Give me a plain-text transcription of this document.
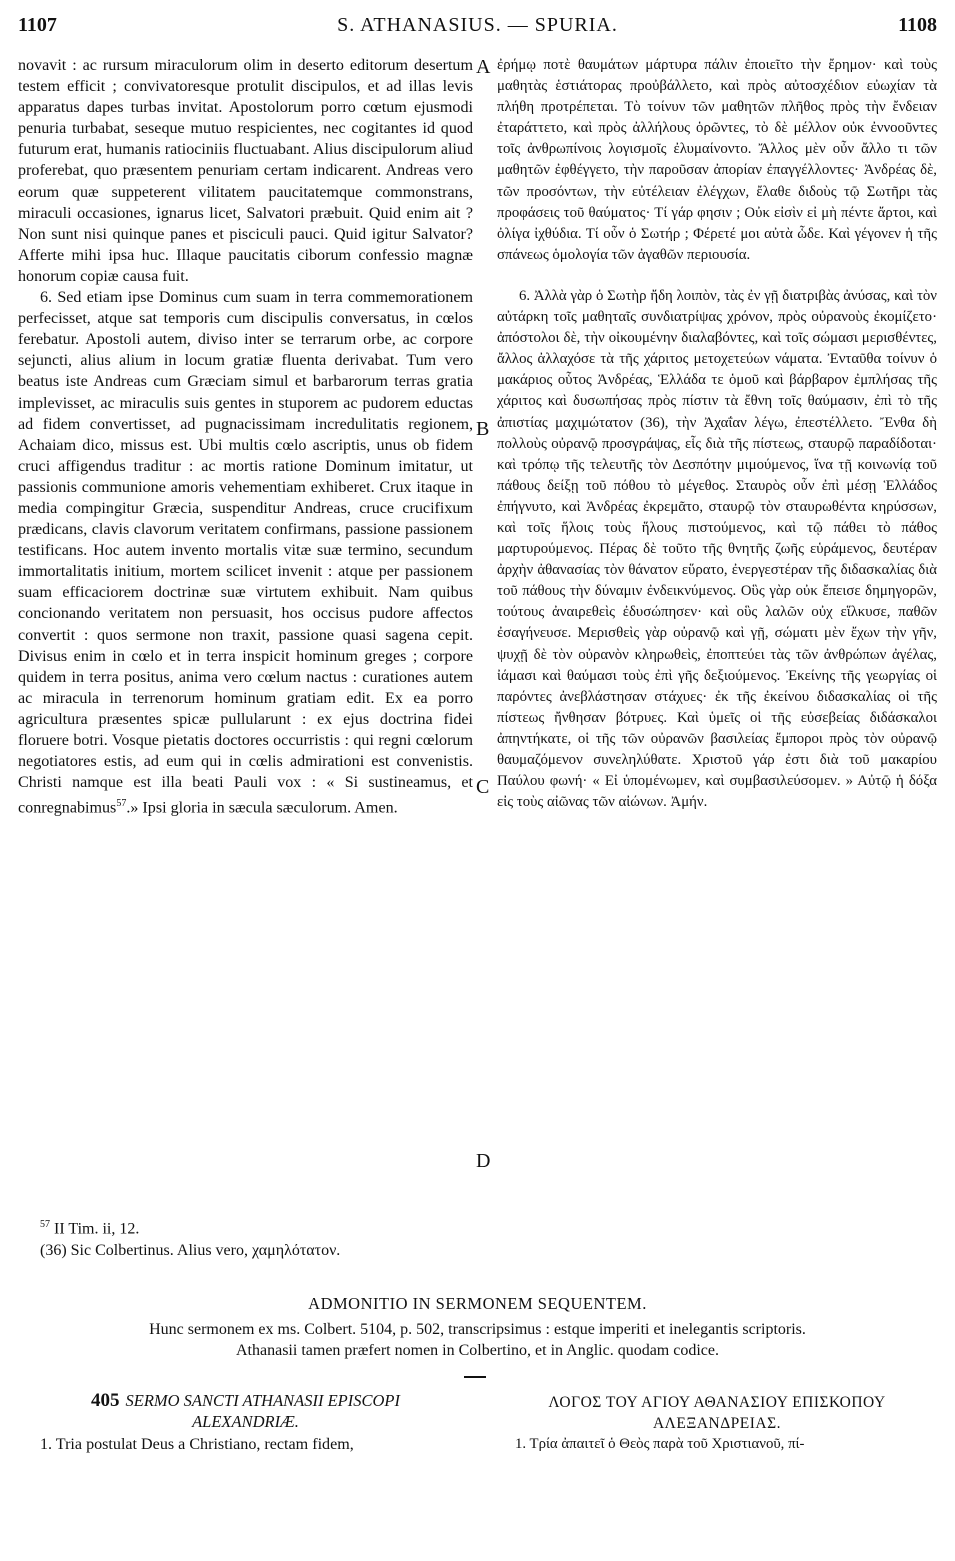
1107	S. ATHANASIUS. — SPURIA.	1108

novavit : ac rursum miraculorum olim in deserto editorum desertum testem efficit ; convivatoresque protulit discipulos, et ad illas levis apparatus dapes turbas invitat. Apostolorum porro cœtum ejusmodi penuria turbabat, seseque mutuo respicientes, nec cogitantes id quod futurum erat, humanis ratiociniis fluctuabant. Alius discipulorum aliud proferebat, quo præsentem penuriam certam indicarent. Andreas vero eorum quæ suppeterent vilitatem paucitatemque commonstrans, miraculi occasiones, ignarus licet, Salvatori præbuit. Quid enim ait ? Non sunt nisi quinque panes et pisciculi pauci. Quid igitur Salvator? Afferte mihi ipsa huc. Illaque paucitatis ciborum confessio magnæ honorum copiæ causa fuit.

6. Sed etiam ipse Dominus cum suam in terra commemorationem perfecisset, atque sat temporis cum discipulis conversatus, in cœlos ferebatur. Apostoli autem, diviso inter se terrarum orbe, ac corpore sejuncti, alius alium in locum gratiæ fluenta derivabat. Tum vero beatus iste Andreas cum Græciam simul et barbarorum terras gratia implevisset, ac miraculis suis gentes in stuporem ac pudorem eductas ad fidem convertisset, ad pugnacissimam incredulitatis regionem, Achaiam dico, missus est. Ubi multis cœlo ascriptis, unus ob fidem cruci affigendus traditur : ac mortis ratione Dominum imitatur, ut passionis communione amoris vehementiam exhiberet. Crux itaque in media compingitur Græcia, suspenditur Andreas, cruce crucifixum prædicans, clavis clavorum veritatem confirmans, passione passionem testificans. Hoc autem invento mortalis vitæ suæ termino, secundum immortalitatis initium, mortem scilicet invenit : atque per passionem suam efficaciorem doctrinæ suæ virtutem exhibuit. Nam quibus concionando veritatem non persuasit, hos occisus pudore affectos convertit : quos sermone non traxit, passione quasi sagena cepit. Divisus enim in cœlo et in terra inspicit hominum greges ; corpore quidem in terra positus, anima vero cœlum nactus : curationes autem ac miracula in terrenorum hominum gratiam edit. Ex ea porro agricultura præsentes spicæ pullularunt : ex ejus doctrina fidei floruere botri. Vosque pietatis doctores occurristis : qui regni cœlorum negotiatores estis, ad eum qui in cœlis admirationi est convenistis. Christi namque est illa beati Pauli vox : « Si sustineamus, et conregnabimus$^{57}$.» Ipsi gloria in sæcula sæculorum. Amen.

A
B
C
D

ἐρήμῳ ποτὲ θαυμάτων μάρτυρα πάλιν ἐποιεῖτο τὴν ἔρημον· καὶ τοὺς μαθητὰς ἑστιάτορας προὐβάλλετο, καὶ πρὸς αὐτοσχέδιον εὐωχίαν τὰ πλήθη προτρέπεται. Τὸ τοίνυν τῶν μαθητῶν πλῆθος πρὸς τὴν ἔνδειαν ἐταράττετο, καὶ πρὸς ἀλλήλους ὁρῶντες, τὸ δὲ μέλλον οὐκ ἐννοοῦντες τοῖς ἀνθρωπίνοις λογισμοῖς ἐλυμαίνοντο. Ἄλλος μὲν οὖν ἄλλο τι τῶν μαθητῶν ἐφθέγγετο, τὴν παροῦσαν ἀπορίαν ἐπαγγέλλοντες· Ἀνδρέας δὲ, τῶν προσόντων, τὴν εὐτέλειαν ἐλέγχων, ἔλαθε διδοὺς τῷ Σωτῆρι τὰς προφάσεις τοῦ θαύματος· Τί γάρ φησιν ; Οὐκ εἰσὶν εἰ μὴ πέντε ἄρτοι, καὶ ὀλίγα ἰχθύδια. Τί οὖν ὁ Σωτήρ ; Φέρετέ μοι αὐτὰ ὧδε. Καὶ γέγονεν ἡ τῆς σπάνεως ὁμολογία τῶν ἀγαθῶν περιουσία.

6. Ἀλλὰ γὰρ ὁ Σωτὴρ ἤδη λοιπὸν, τὰς ἐν γῇ διατριβὰς ἀνύσας, καὶ τὸν αὐτάρκη τοῖς μαθηταῖς συνδιατρίψας χρόνον, πρὸς οὐρανοὺς ἐκομίζετο· ἀπόστολοι δὲ, τὴν οἰκουμένην διαλαβόντες, καὶ τοῖς σώμασι μερισθέντες, ἄλλος ἀλλαχόσε τὰ τῆς χάριτος μετοχετεύων νάματα. Ἐνταῦθα τοίνυν ὁ μακάριος οὗτος Ἀνδρέας, Ἑλλάδα τε ὁμοῦ καὶ βάρβαρον ἐμπλήσας τῆς χάριτος καὶ δυσωπήσας πρὸς πίστιν τὰ ἔθνη τοῖς θαύμασιν, ἐπὶ τὸ τῆς ἀπιστίας μαχιμώτατον (36), τὴν Ἀχαΐαν λέγω, ἐπεστέλλετο. Ἔνθα δὴ πολλοὺς οὐρανῷ προσγράψας, εἷς διὰ τῆς πίστεως, σταυρῷ παραδίδοται· καὶ τρόπῳ τῆς τελευτῆς τὸν Δεσπότην μιμούμενος, ἵνα τῇ κοινωνίᾳ τοῦ πάθους δείξῃ τοῦ πόθου τὸ μέγεθος. Σταυρὸς οὖν ἐπὶ μέσῃ Ἑλλάδος ἐπήγνυτο, καὶ Ἀνδρέας ἐκρεμᾶτο, σταυρῷ τὸν σταυρωθέντα κηρύσσων, καὶ τοῖς ἥλοις τοὺς ἥλους πιστούμενος, καὶ τῷ πάθει τὸ πάθος μαρτυρούμενος. Πέρας δὲ τοῦτο τῆς θνητῆς ζωῆς εὑράμενος, δευτέραν ἀρχὴν ἀθανασίας τὸν θάνατον εὕρατο, ἐνεργεστέραν τῆς διδασκαλίας διὰ τοῦ πάθους τὴν δύναμιν ἐνδεικνύμενος. Οὓς γὰρ οὐκ ἔπεισε δημηγορῶν, τούτους ἀναιρεθεὶς ἐδυσώπησεν· καὶ οὓς λαλῶν οὐχ εἵλκυσε, παθῶν ἐσαγήνευσε. Μερισθεὶς γὰρ οὐρανῷ καὶ γῇ, σώματι μὲν ἔχων τὴν γῆν, ψυχῇ δὲ τὸν οὐρανὸν κληρωθεὶς, ἐποπτεύει τὰς τῶν ἀνθρώπων ἀγέλας, ἰάμασι καὶ θαύμασι τοὺς ἐπὶ γῆς δεξιούμενος. Ἐκείνης τῆς γεωργίας οἱ παρόντες ἀνεβλάστησαν στάχυες· ἐκ τῆς ἐκείνου διδασκαλίας οἱ τῆς πίστεως ἤνθησαν βότρυες. Καὶ ὑμεῖς οἱ τῆς εὐσεβείας διδάσκαλοι ἀπηντήκατε, οἱ τῆς τῶν οὐρανῶν βασιλείας ἔμποροι πρὸς τὸν οὐρανῷ θαυμαζόμενον συνεληλύθατε. Χριστοῦ γάρ ἐστι διὰ τοῦ μακαρίου Παύλου φωνή· « Εἰ ὑπομένωμεν, καὶ συμβασιλεύσομεν. » Αὐτῷ ἡ δόξα εἰς τοὺς αἰῶνας τῶν αἰώνων. Ἀμήν.

$^{57}$ II Tim. ii, 12.
(36) Sic Colbertinus. Alius vero, χαμηλότατον.
ADMONITIO IN SERMONEM SEQUENTEM.
Hunc sermonem ex ms. Colbert. 5104, p. 502, transcripsimus : estque imperiti et inelegantis scriptoris.
Athanasii tamen præfert nomen in Colbertino, et in Anglic. quodam codice.
405 SERMO SANCTI ATHANASII EPISCOPI
ALEXANDRIÆ.
ΛΟΓΟΣ ΤΟΥ ΑΓΙΟΥ ΑΘΑΝΑΣΙΟΥ ΕΠΙΣΚΟΠΟΥ
ΑΛΕΞΑΝΔΡΕΙΑΣ.
1. Tria postulat Deus a Christiano, rectam fidem,	1. Τρία ἀπαιτεῖ ὁ Θεὸς παρὰ τοῦ Χριστιανοῦ, πί-
